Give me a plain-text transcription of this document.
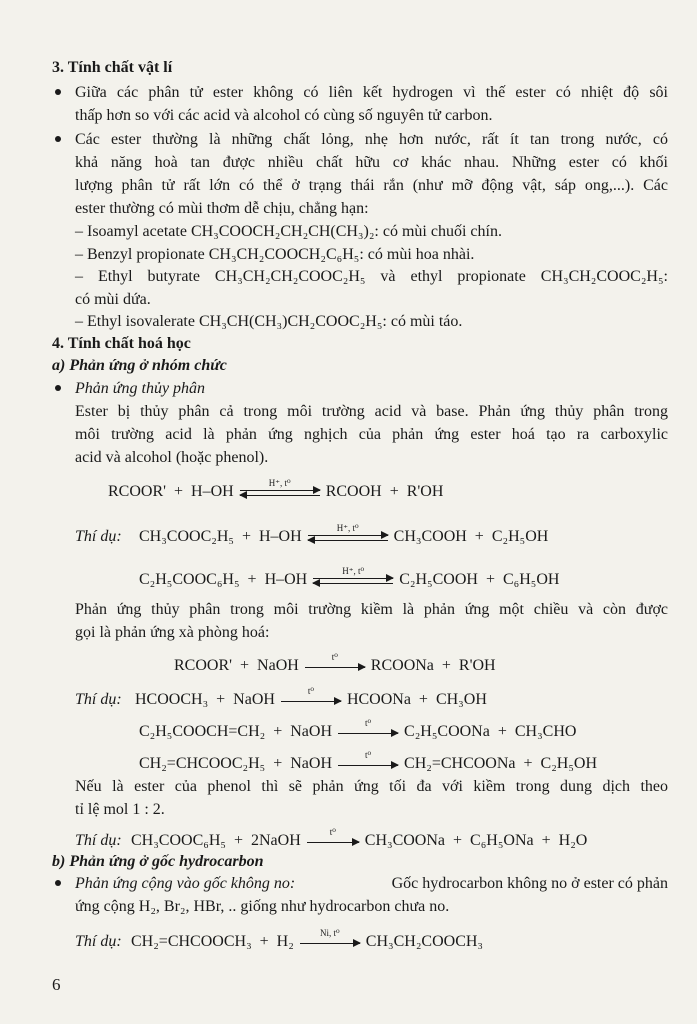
3. Tính chất vật lí
Giữa các phân tử ester không có liên kết hydrogen vì thế ester có nhiệt độ sôi
thấp hơn so với các acid và alcohol có cùng số nguyên tử carbon.
Các ester thường là những chất lỏng, nhẹ hơn nước, rất ít tan trong nước, có
khả năng hoà tan được nhiều chất hữu cơ khác nhau. Những ester có khối
lượng phân tử rất lớn có thể ở trạng thái rắn (như mỡ động vật, sáp ong,...). Các
ester thường có mùi thơm dễ chịu, chẳng hạn:
– Isoamyl acetate CH₃COOCH₂CH₂CH(CH₃)₂: có mùi chuối chín.
– Benzyl propionate CH₃CH₂COOCH₂C₆H₅: có mùi hoa nhài.
– Ethyl butyrate CH₃CH₂CH₂COOC₂H₅ và ethyl propionate CH₃CH₂COOC₂H₅:
có mùi dứa.
– Ethyl isovalerate CH₃CH(CH₃)CH₂COOC₂H₅: có mùi táo.
4. Tính chất hoá học
a) Phản ứng ở nhóm chức
Phản ứng thủy phân
Ester bị thủy phân cả trong môi trường acid và base. Phản ứng thủy phân trong
môi trường acid là phản ứng nghịch của phản ứng ester hoá tạo ra carboxylic
acid và alcohol (hoặc phenol).
RCOOR'  +  H–OH	H⁺, t⁰	RCOOH  +  R'OH
Thí dụ: CH₃COOC₂H₅  +  H–OH	H⁺, t⁰	CH₃COOH  +  C₂H₅OH
C₂H₅COOC₆H₅  +  H–OH	H⁺, t⁰	C₂H₅COOH  +  C₆H₅OH
Phản ứng thủy phân trong môi trường kiềm là phản ứng một chiều và còn được
gọi là phản ứng xà phòng hoá:
RCOOR'  +  NaOH	t⁰	RCOONa  +  R'OH
Thí dụ: HCOOCH₃  +  NaOH	t⁰	HCOONa  +  CH₃OH
C₂H₅COOCH=CH₂  +  NaOH	t⁰	C₂H₅COONa  +  CH₃CHO
CH₂=CHCOOC₂H₅  +  NaOH	t⁰	CH₂=CHCOONa  +  C₂H₅OH
Nếu là ester của phenol thì sẽ phản ứng tối đa với kiềm trong dung dịch theo
tỉ lệ mol 1 : 2.
Thí dụ: CH₃COOC₆H₅  +  2NaOH	t⁰	CH₃COONa  +  C₆H₅ONa  +  H₂O
b) Phản ứng ở gốc hydrocarbon
Phản ứng cộng vào gốc không no:	Gốc hydrocarbon không no ở ester có phản
ứng cộng H₂, Br₂, HBr, .. giống như hydrocarbon chưa no.
Thí dụ: CH₂=CHCOOCH₃  +  H₂	Ni, t⁰	CH₃CH₂COOCH₃
6
